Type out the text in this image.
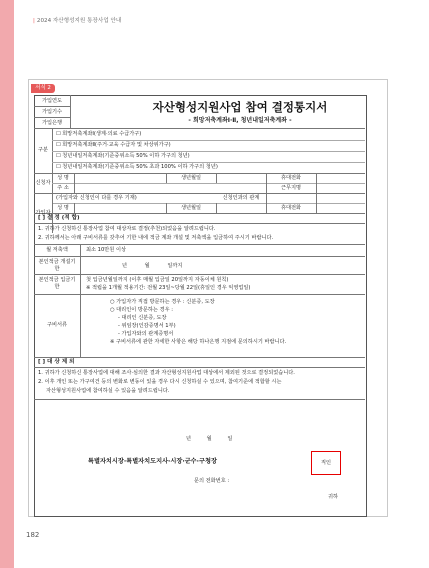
| 2024 자산형성지원 통장사업 안내
서식 2
가입연도
가입기수
가입은행
자산형성지원사업 참여 결정통지서
- 희망저축계좌Ⅰ·Ⅱ, 청년내일저축계좌 -
구분
☐ 희망저축계좌Ⅰ(생계·의료 수급가구)
☐ 희망저축계좌Ⅱ(주거·교육 수급자 및 차상위가구)
☐ 청년내일저축계좌(기준중위소득 50% 이하 가구의 청년)
☐ 청년내일저축계좌(기준중위소득 50% 초과 100% 이하 가구의 청년)
신청자
성 명	생년월일	휴대전화
주 소	근무지명
가입자
(가입자와 신청인이 다를 경우 기재)	신청인과의 관계
성 명	생년월일	휴대전화
[ ] 결 정 (적 합)
1. 귀하가 신청하신 통장사업 참여 대상자로 결정(추천)되었음을 알려드립니다.
2. 귀하께서는 아래 구비서류를 갖추어 기한 내에 적금 계좌 개설 및 저축액을 입금하여 주시기 바랍니다.
월 저축액	최소 10만원 이상
본인적금 개설기한	년 월 일까지
본인적금 입금기한
첫 입금년월일까지 (이후 매월 입금일 20일까지 자동이체 원칙)
※ 적립을 1개월 적용기간: 전월 23일~당월 22일(휴일인 경우 익영업일)
구비서류
○ 가입자가 직접 방문하는 경우 : 신분증, 도장
○ 대리인이 방문하는 경우 :
- 대리인 신분증, 도장
- 위임장(인감증명서 1부)
- 가입자와의 관계증명서
※ 구비서류에 관한 자세한 사항은 해당 하나은행 지점에 문의하시기 바랍니다.
[ ] 대 상 제 외
1. 귀하가 신청하신 통장사업에 대해 조사·심의한 결과 자산형성지원사업 대상에서 제외된 것으로 결정되었습니다.
2. 이후 개인 또는 가구여건 등의 변화로 변동이 있을 경우 다시 신청하실 수 있으며, 참여기준에 적합할 시는
자산형성지원사업에 참여하실 수 있음을 알려드립니다.
년 월 일
특별자치시장·특별자치도지사·시장·군수·구청장	직인
문의 전화번호 :
귀하
182
